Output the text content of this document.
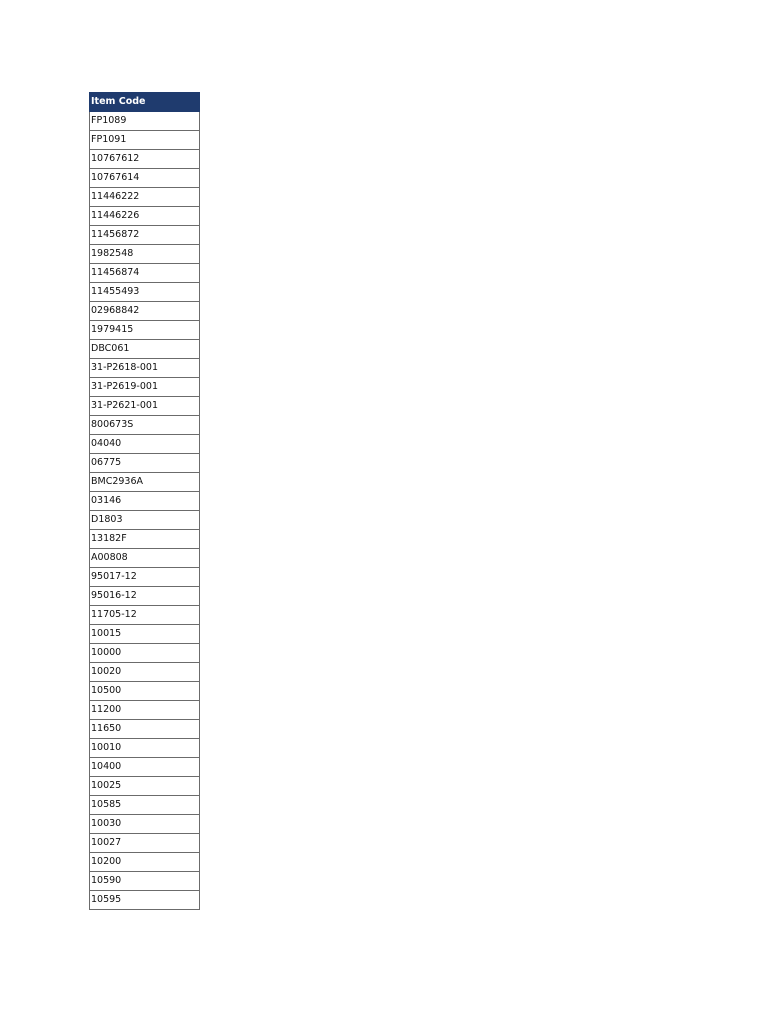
Item Code
FP1089
FP1091
10767612
10767614
11446222
11446226
11456872
1982548
11456874
11455493
02968842
1979415
DBC061
31-P2618-001
31-P2619-001
31-P2621-001
800673S
04040
06775
BMC2936A
03146
D1803
13182F
A00808
95017-12
95016-12
11705-12
10015
10000
10020
10500
11200
11650
10010
10400
10025
10585
10030
10027
10200
10590
10595
